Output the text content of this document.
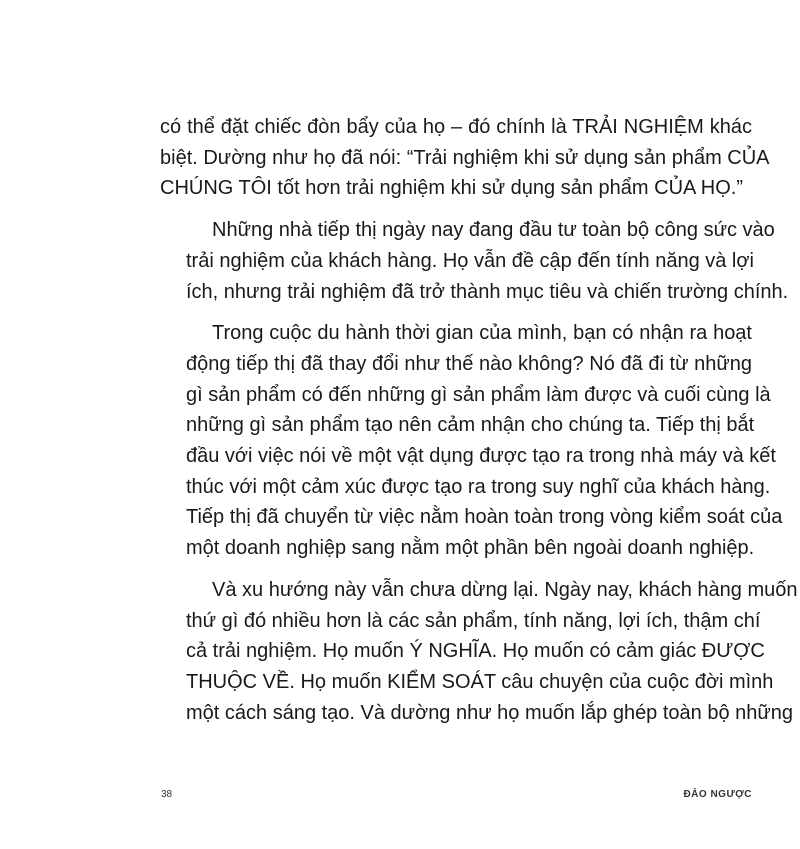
có thể đặt chiếc đòn bẩy của họ – đó chính là TRẢI NGHIỆM khác
biệt. Dường như họ đã nói: “Trải nghiệm khi sử dụng sản phẩm CỦA
CHÚNG TÔI tốt hơn trải nghiệm khi sử dụng sản phẩm CỦA HỌ.”
Những nhà tiếp thị ngày nay đang đầu tư toàn bộ công sức vào
trải nghiệm của khách hàng. Họ vẫn đề cập đến tính năng và lợi
ích, nhưng trải nghiệm đã trở thành mục tiêu và chiến trường chính.
Trong cuộc du hành thời gian của mình, bạn có nhận ra hoạt
động tiếp thị đã thay đổi như thế nào không? Nó đã đi từ những
gì sản phẩm có đến những gì sản phẩm làm được và cuối cùng là
những gì sản phẩm tạo nên cảm nhận cho chúng ta. Tiếp thị bắt
đầu với việc nói về một vật dụng được tạo ra trong nhà máy và kết
thúc với một cảm xúc được tạo ra trong suy nghĩ của khách hàng.
Tiếp thị đã chuyển từ việc nằm hoàn toàn trong vòng kiểm soát của
một doanh nghiệp sang nằm một phần bên ngoài doanh nghiệp.
Và xu hướng này vẫn chưa dừng lại. Ngày nay, khách hàng muốn
thứ gì đó nhiều hơn là các sản phẩm, tính năng, lợi ích, thậm chí
cả trải nghiệm. Họ muốn Ý NGHĨA. Họ muốn có cảm giác ĐƯỢC
THUỘC VỀ. Họ muốn KIỂM SOÁT câu chuyện của cuộc đời mình
một cách sáng tạo. Và dường như họ muốn lắp ghép toàn bộ những
38	ĐẢO NGƯỢC
